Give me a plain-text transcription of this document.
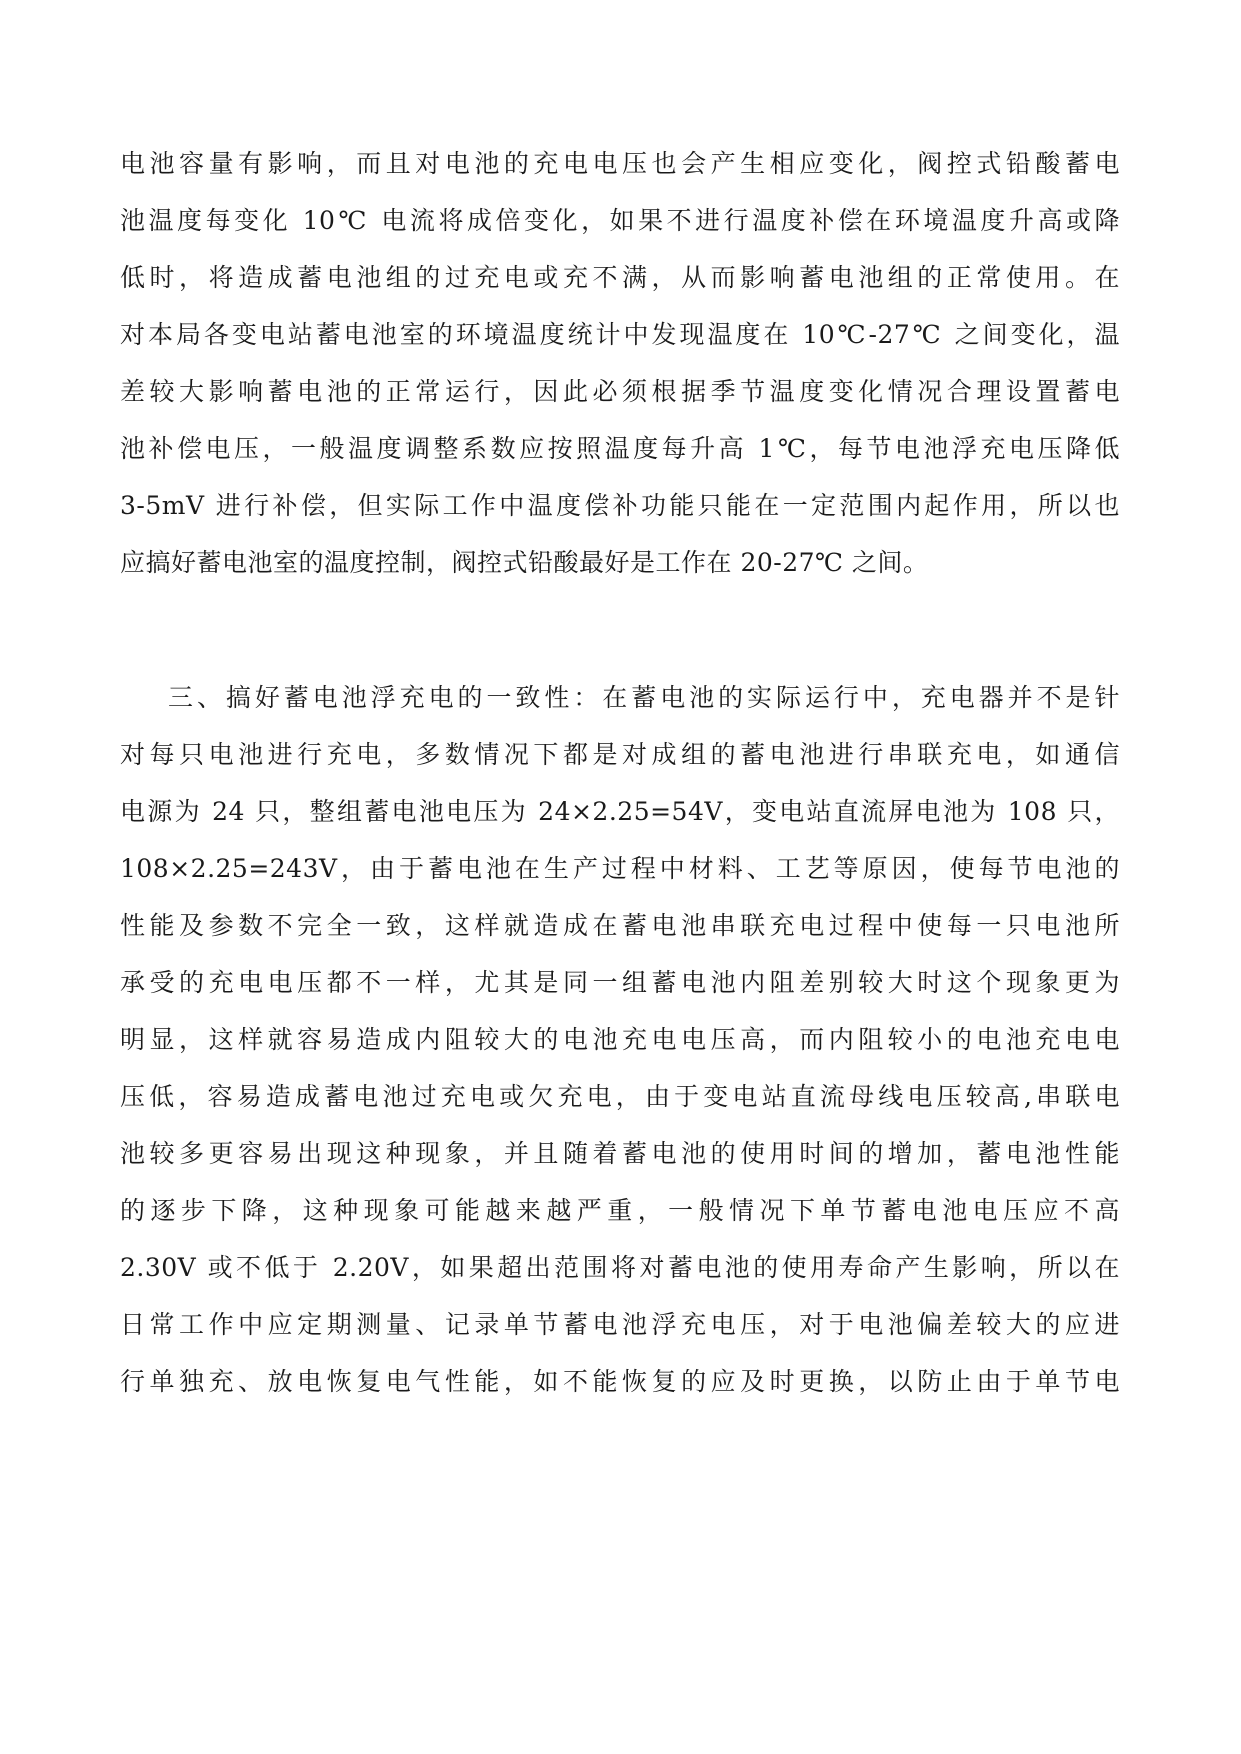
电池容量有影响，而且对电池的充电电压也会产生相应变化，阀控式铅酸蓄电
池温度每变化 10℃ 电流将成倍变化，如果不进行温度补偿在环境温度升高或降
低时，将造成蓄电池组的过充电或充不满，从而影响蓄电池组的正常使用。在
对本局各变电站蓄电池室的环境温度统计中发现温度在 10℃-27℃ 之间变化，温
差较大影响蓄电池的正常运行，因此必须根据季节温度变化情况合理设置蓄电
池补偿电压，一般温度调整系数应按照温度每升高 1℃，每节电池浮充电压降低
3-5mV 进行补偿，但实际工作中温度偿补功能只能在一定范围内起作用，所以也
应搞好蓄电池室的温度控制，阀控式铅酸最好是工作在 20-27℃ 之间。
三、搞好蓄电池浮充电的一致性：在蓄电池的实际运行中，充电器并不是针
对每只电池进行充电，多数情况下都是对成组的蓄电池进行串联充电，如通信
电源为 24 只，整组蓄电池电压为 24×2.25=54V，变电站直流屏电池为 108 只，
108×2.25=243V，由于蓄电池在生产过程中材料、工艺等原因，使每节电池的
性能及参数不完全一致，这样就造成在蓄电池串联充电过程中使每一只电池所
承受的充电电压都不一样，尤其是同一组蓄电池内阻差别较大时这个现象更为
明显，这样就容易造成内阻较大的电池充电电压高，而内阻较小的电池充电电
压低，容易造成蓄电池过充电或欠充电，由于变电站直流母线电压较高,串联电
池较多更容易出现这种现象，并且随着蓄电池的使用时间的增加，蓄电池性能
的逐步下降，这种现象可能越来越严重，一般情况下单节蓄电池电压应不高
2.30V 或不低于 2.20V，如果超出范围将对蓄电池的使用寿命产生影响，所以在
日常工作中应定期测量、记录单节蓄电池浮充电压，对于电池偏差较大的应进
行单独充、放电恢复电气性能，如不能恢复的应及时更换，以防止由于单节电
